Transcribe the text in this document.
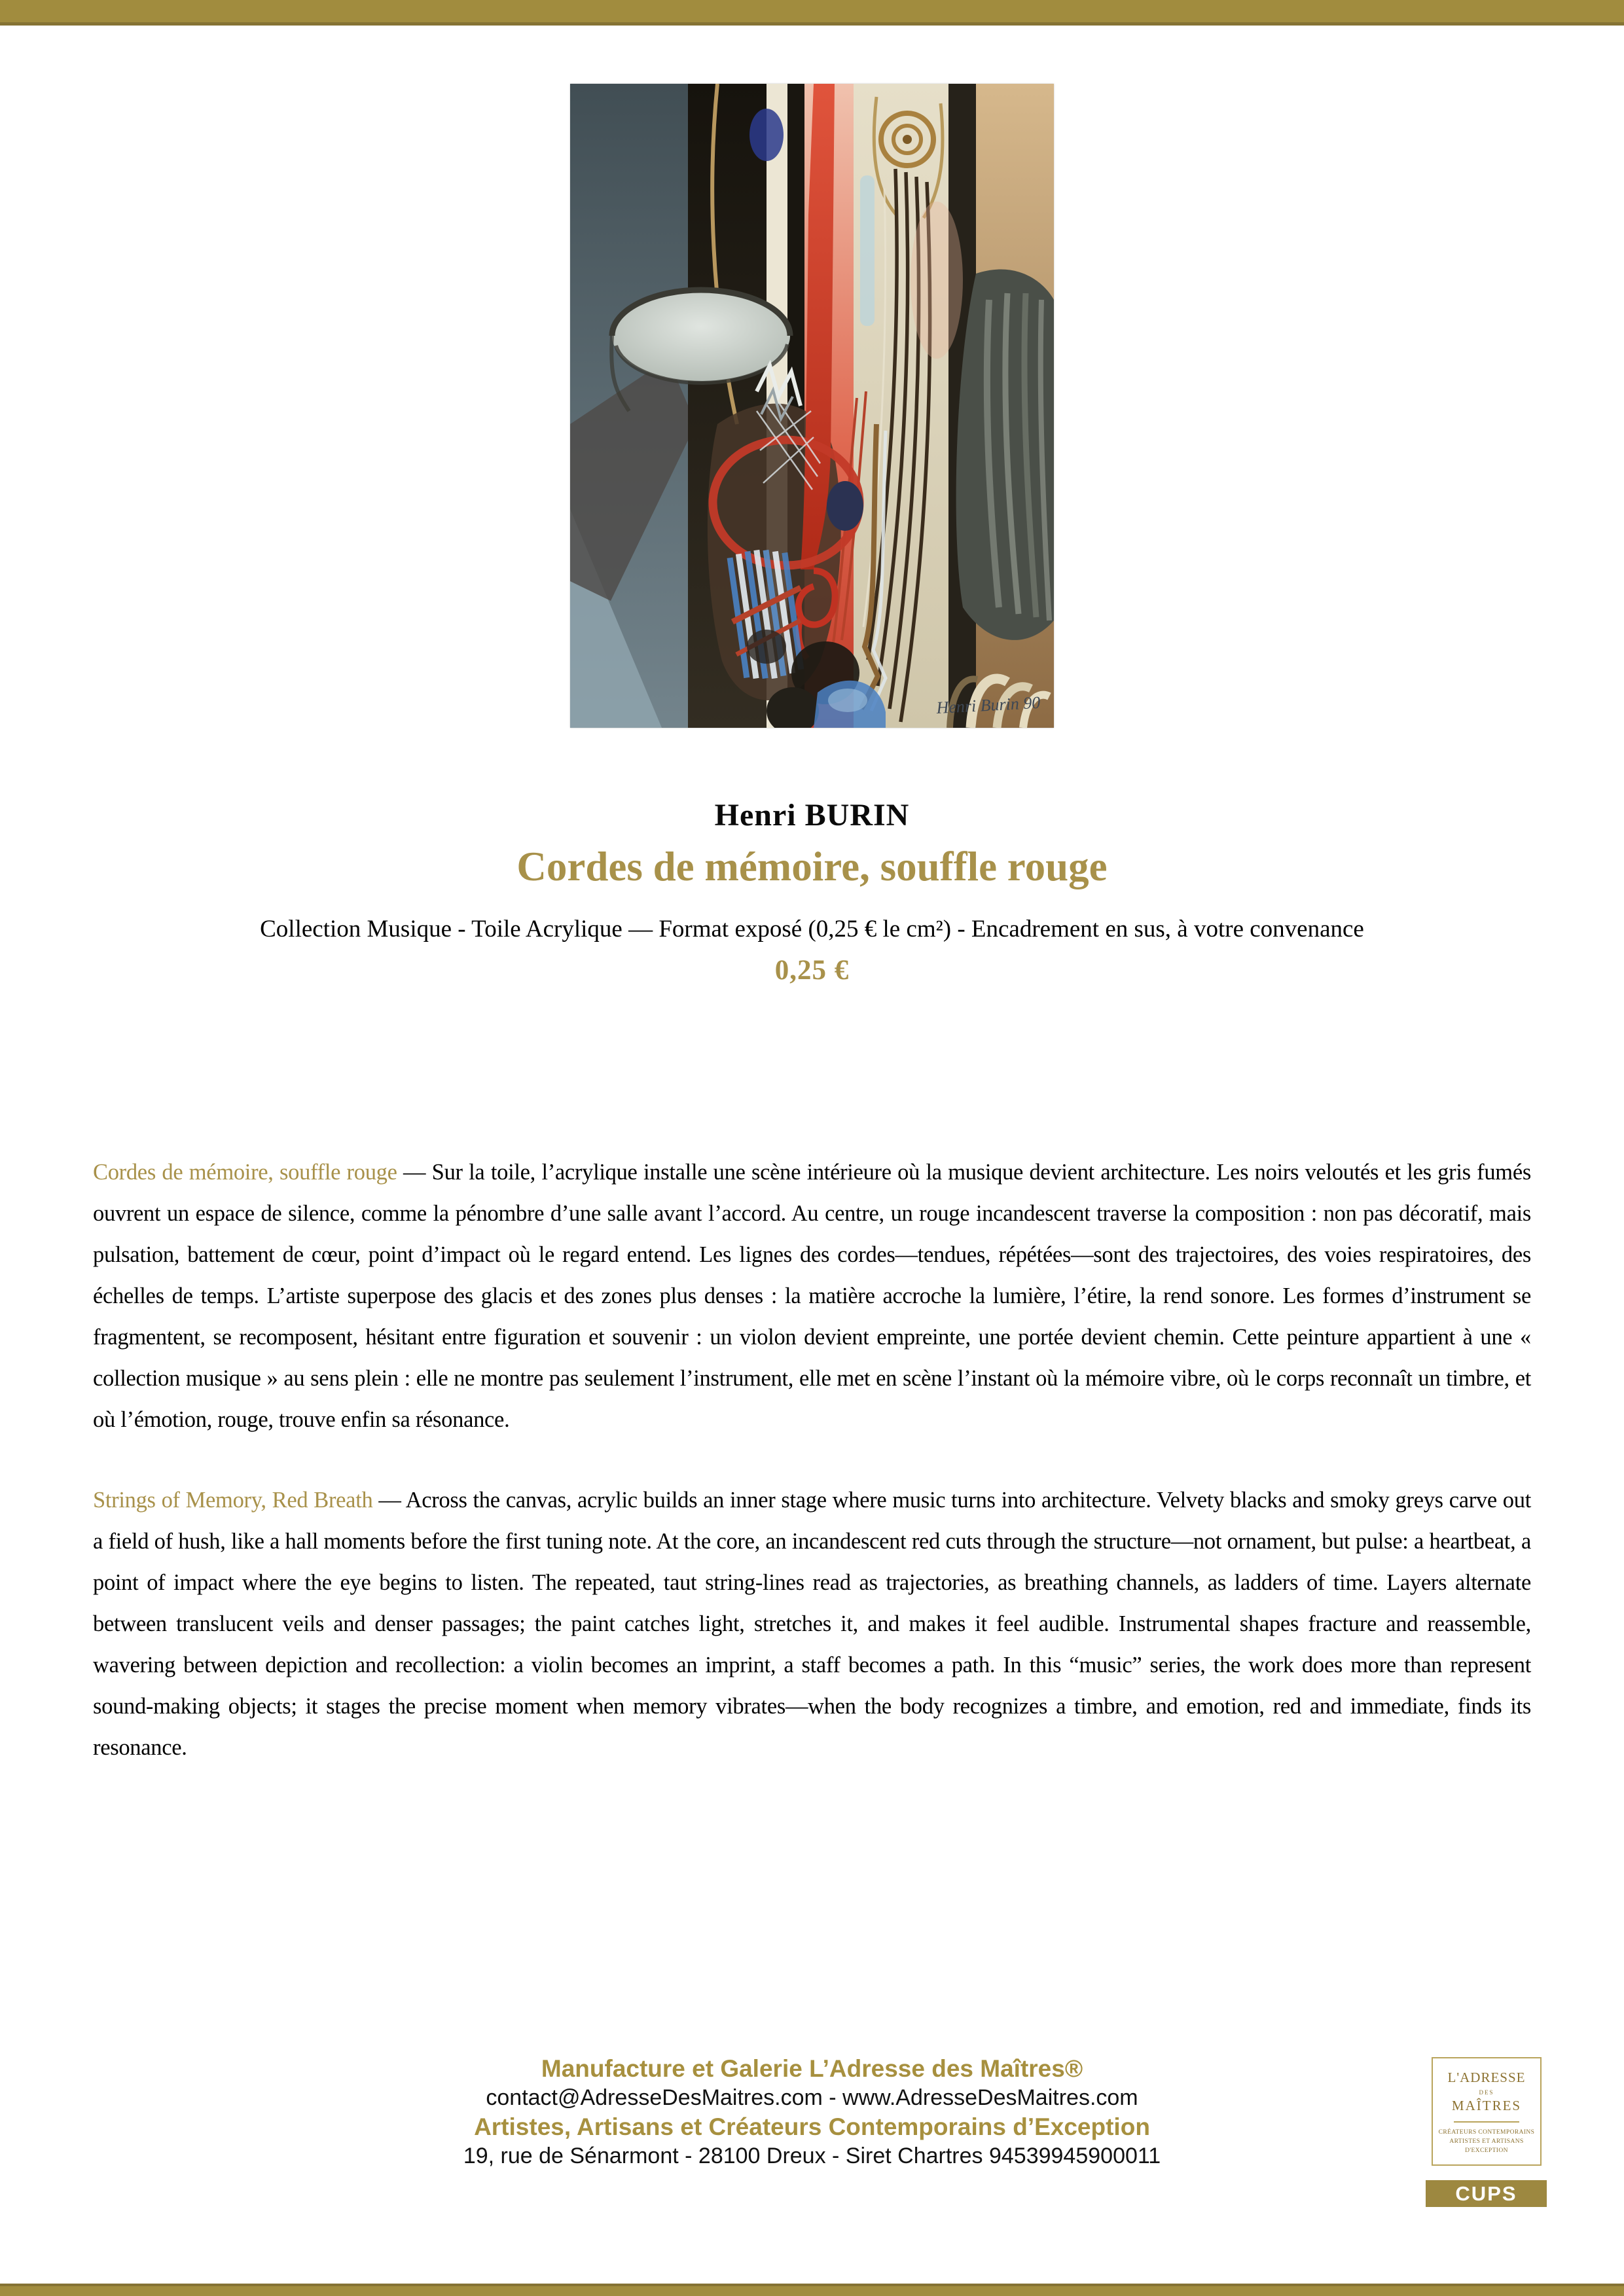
Henri Burin 90
Henri BURIN
Cordes de mémoire, souffle rouge
Collection Musique - Toile Acrylique — Format exposé (0,25 € le cm²) - Encadrement en sus, à votre convenance
0,25 €

Cordes de mémoire, souffle rouge — Sur la toile, l’acrylique installe une scène intérieure où la musique devient architecture. Les noirs veloutés et les gris fumés ouvrent un espace de silence, comme la pénombre d’une salle avant l’accord. Au centre, un rouge incandescent traverse la composition : non pas décoratif, mais pulsation, battement de cœur, point d’impact où le regard entend. Les lignes des cordes—tendues, répétées—sont des trajectoires, des voies respiratoires, des échelles de temps. L’artiste superpose des glacis et des zones plus denses : la matière accroche la lumière, l’étire, la rend sonore. Les formes d’instrument se fragmentent, se recomposent, hésitant entre figuration et souvenir : un violon devient empreinte, une portée devient chemin. Cette peinture appartient à une « collection musique » au sens plein : elle ne montre pas seulement l’instrument, elle met en scène l’instant où la mémoire vibre, où le corps reconnaît un timbre, et où l’émotion, rouge, trouve enfin sa résonance.

Strings of Memory, Red Breath — Across the canvas, acrylic builds an inner stage where music turns into architecture. Velvety blacks and smoky greys carve out a field of hush, like a hall moments before the first tuning note. At the core, an incandescent red cuts through the structure—not ornament, but pulse: a heartbeat, a point of impact where the eye begins to listen. The repeated, taut string-lines read as trajectories, as breathing channels, as ladders of time. Layers alternate between translucent veils and denser passages; the paint catches light, stretches it, and makes it feel audible. Instrumental shapes fracture and reassemble, wavering between depiction and recollection: a violin becomes an imprint, a staff becomes a path. In this “music” series, the work does more than represent sound-making objects; it stages the precise moment when memory vibrates—when the body recognizes a timbre, and emotion, red and immediate, finds its resonance.

Manufacture et Galerie L’Adresse des Maîtres®
contact@AdresseDesMaitres.com - www.AdresseDesMaitres.com
Artistes, Artisans et Créateurs Contemporains d’Exception
19, rue de Sénarmont - 28100 Dreux - Siret Chartres 94539945900011
L'ADRESSE
DES
MAÎTRES
CRÉATEURS CONTEMPORAINS
ARTISTES ET ARTISANS
D'EXCEPTION
CUPS
